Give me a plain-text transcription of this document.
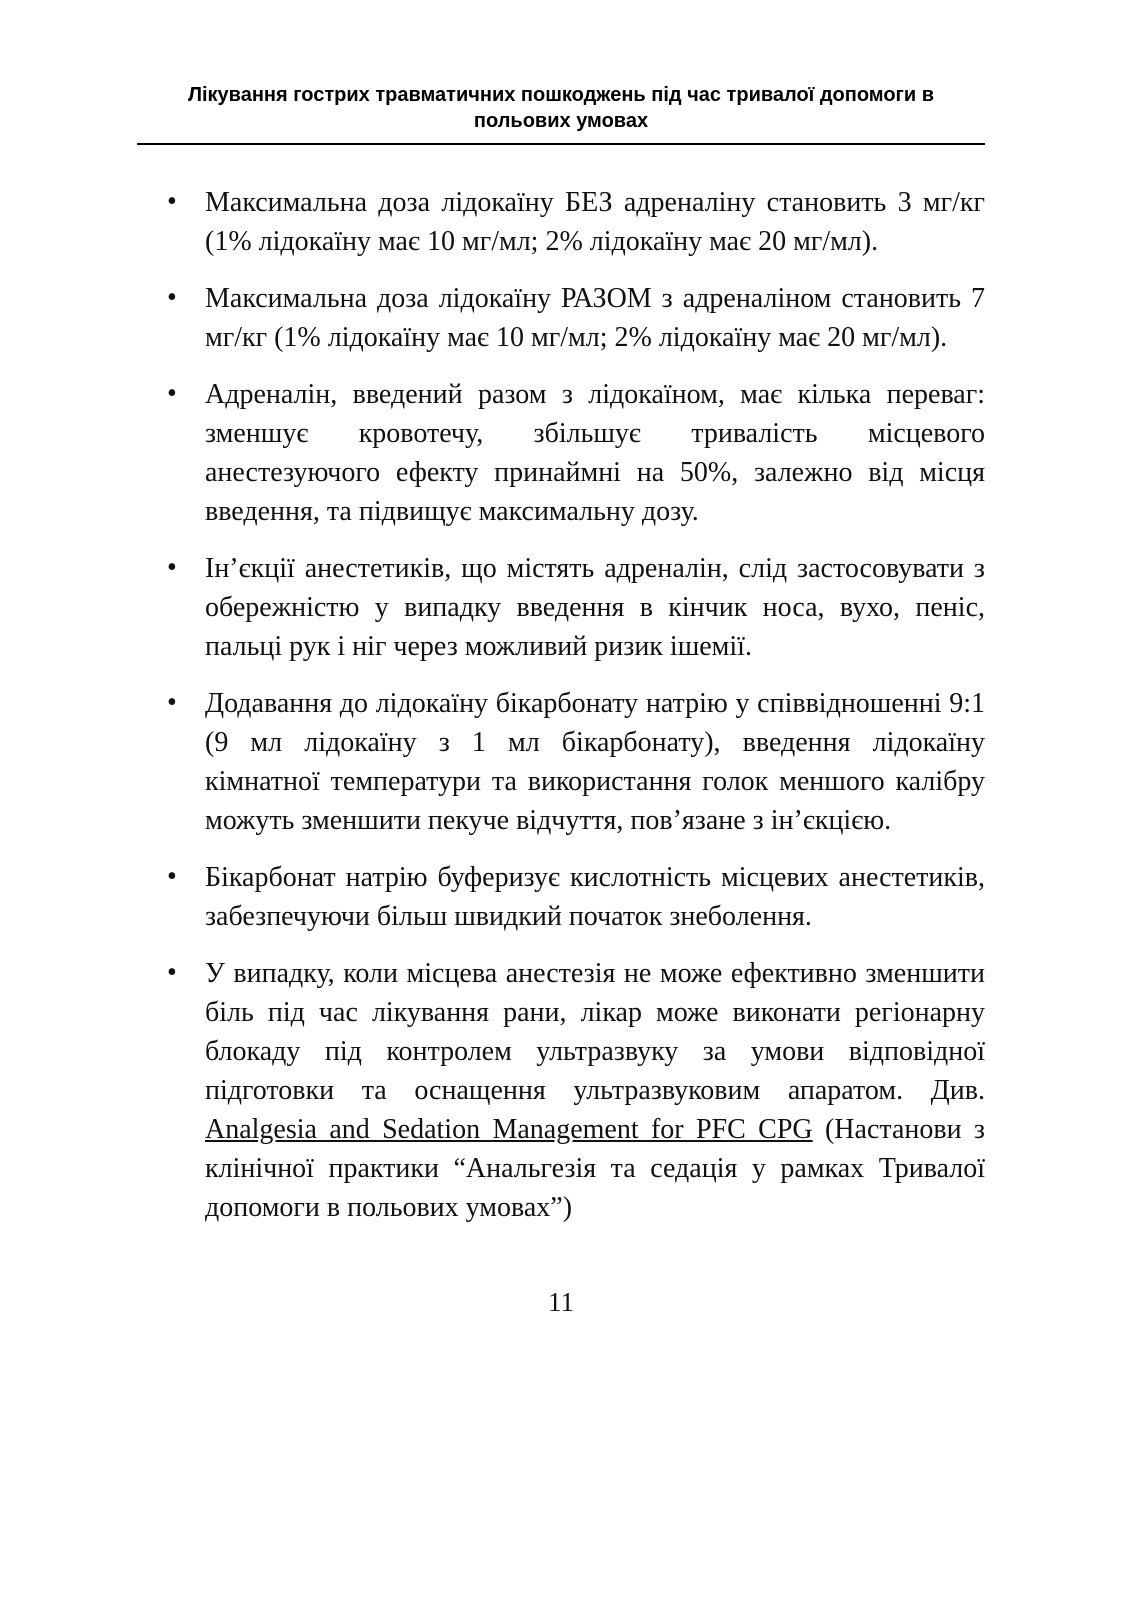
Лікування гострих травматичних пошкоджень під час тривалої допомоги в польових умовах
• Максимальна доза лідокаїну БЕЗ адреналіну становить 3 мг/кг (1% лідокаїну має 10 мг/мл; 2% лідокаїну має 20 мг/мл).
• Максимальна доза лідокаїну РАЗОМ з адреналіном становить 7 мг/кг (1% лідокаїну має 10 мг/мл; 2% лідокаїну має 20 мг/мл).
• Адреналін, введений разом з лідокаїном, має кілька переваг: зменшує кровотечу, збільшує тривалість місцевого анестезуючого ефекту принаймні на 50%, залежно від місця введення, та підвищує максимальну дозу.
• Ін’єкції анестетиків, що містять адреналін, слід застосовувати з обережністю у випадку введення в кінчик носа, вухо, пеніс, пальці рук і ніг через можливий ризик ішемії.
• Додавання до лідокаїну бікарбонату натрію у співвідношенні 9:1 (9 мл лідокаїну з 1 мл бікарбонату), введення лідокаїну кімнатної температури та використання голок меншого калібру можуть зменшити пекуче відчуття, пов’язане з ін’єкцією.
• Бікарбонат натрію буферизує кислотність місцевих анестетиків, забезпечуючи більш швидкий початок знеболення.
• У випадку, коли місцева анестезія не може ефективно зменшити біль під час лікування рани, лікар може виконати регіонарну блокаду під контролем ультразвуку за умови відповідної підготовки та оснащення ультразвуковим апаратом. Див. Analgesia and Sedation Management for PFC CPG (Настанови з клінічної практики “Анальгезія та седація у рамках Тривалої допомоги в польових умовах”)
11
